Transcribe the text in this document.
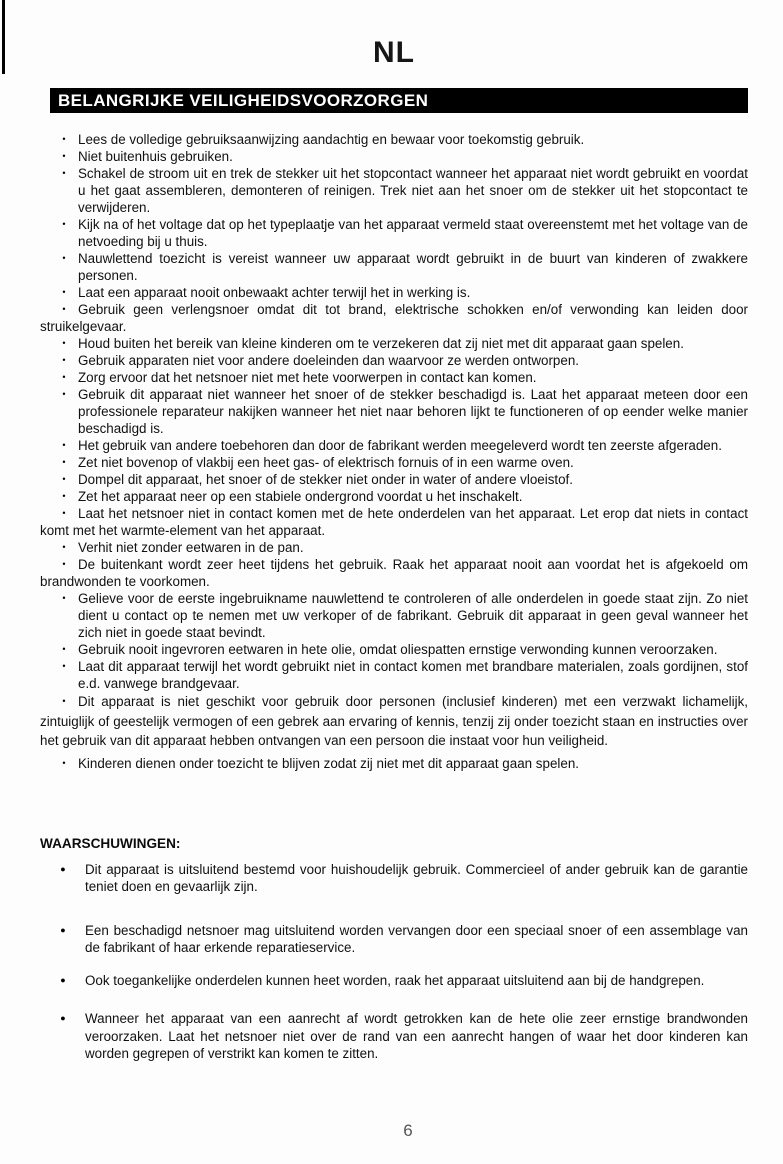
NL
BELANGRIJKE VEILIGHEIDSVOORZORGEN
• Lees de volledige gebruiksaanwijzing aandachtig en bewaar voor toekomstig gebruik.
• Niet buitenhuis gebruiken.
• Schakel de stroom uit en trek de stekker uit het stopcontact wanneer het apparaat niet wordt gebruikt en voordat u het gaat assembleren, demonteren of reinigen. Trek niet aan het snoer om de stekker uit het stopcontact te verwijderen.
• Kijk na of het voltage dat op het typeplaatje van het apparaat vermeld staat overeenstemt met het voltage van de netvoeding bij u thuis.
• Nauwlettend toezicht is vereist wanneer uw apparaat wordt gebruikt in de buurt van kinderen of zwakkere personen.
• Laat een apparaat nooit onbewaakt achter terwijl het in werking is.
• Gebruik geen verlengsnoer omdat dit tot brand, elektrische schokken en/of verwonding kan leiden door struikelgevaar.
• Houd buiten het bereik van kleine kinderen om te verzekeren dat zij niet met dit apparaat gaan spelen.
• Gebruik apparaten niet voor andere doeleinden dan waarvoor ze werden ontworpen.
• Zorg ervoor dat het netsnoer niet met hete voorwerpen in contact kan komen.
• Gebruik dit apparaat niet wanneer het snoer of de stekker beschadigd is. Laat het apparaat meteen door een professionele reparateur nakijken wanneer het niet naar behoren lijkt te functioneren of op eender welke manier beschadigd is.
• Het gebruik van andere toebehoren dan door de fabrikant werden meegeleverd wordt ten zeerste afgeraden.
• Zet niet bovenop of vlakbij een heet gas- of elektrisch fornuis of in een warme oven.
• Dompel dit apparaat, het snoer of de stekker niet onder in water of andere vloeistof.
• Zet het apparaat neer op een stabiele ondergrond voordat u het inschakelt.
• Laat het netsnoer niet in contact komen met de hete onderdelen van het apparaat. Let erop dat niets in contact komt met het warmte-element van het apparaat.
• Verhit niet zonder eetwaren in de pan.
• De buitenkant wordt zeer heet tijdens het gebruik. Raak het apparaat nooit aan voordat het is afgekoeld om brandwonden te voorkomen.
• Gelieve voor de eerste ingebruikname nauwlettend te controleren of alle onderdelen in goede staat zijn. Zo niet dient u contact op te nemen met uw verkoper of de fabrikant. Gebruik dit apparaat in geen geval wanneer het zich niet in goede staat bevindt.
• Gebruik nooit ingevroren eetwaren in hete olie, omdat oliespatten ernstige verwonding kunnen veroorzaken.
• Laat dit apparaat terwijl het wordt gebruikt niet in contact komen met brandbare materialen, zoals gordijnen, stof e.d. vanwege brandgevaar.
• Dit apparaat is niet geschikt voor gebruik door personen (inclusief kinderen) met een verzwakt lichamelijk, zintuiglijk of geestelijk vermogen of een gebrek aan ervaring of kennis, tenzij zij onder toezicht staan en instructies over het gebruik van dit apparaat hebben ontvangen van een persoon die instaat voor hun veiligheid.
• Kinderen dienen onder toezicht te blijven zodat zij niet met dit apparaat gaan spelen.
WAARSCHUWINGEN:
●	Dit apparaat is uitsluitend bestemd voor huishoudelijk gebruik. Commercieel of ander gebruik kan de garantie teniet doen en gevaarlijk zijn.
●	Een beschadigd netsnoer mag uitsluitend worden vervangen door een speciaal snoer of een assemblage van de fabrikant of haar erkende reparatieservice.
●	Ook toegankelijke onderdelen kunnen heet worden, raak het apparaat uitsluitend aan bij de handgrepen.
●	Wanneer het apparaat van een aanrecht af wordt getrokken kan de hete olie zeer ernstige brandwonden veroorzaken. Laat het netsnoer niet over de rand van een aanrecht hangen of waar het door kinderen kan worden gegrepen of verstrikt kan komen te zitten.
6
